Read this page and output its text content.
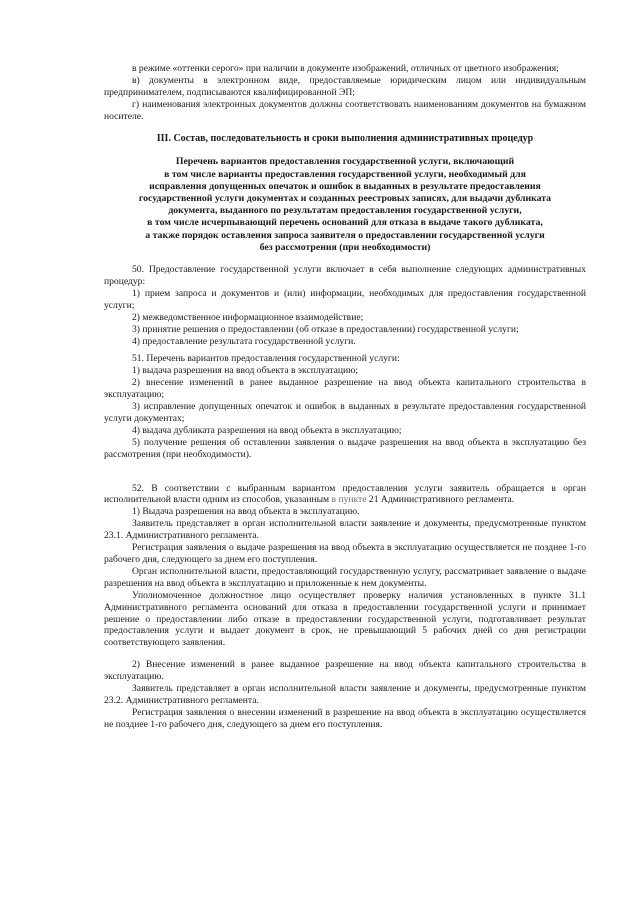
в режиме «оттенки серого» при наличии в документе изображений, отличных от цветного изображения;

в) документы в электронном виде, предоставляемые юридическим лицом или индивидуальным предпринимателем, подписываются квалифицированной ЭП;

г) наименования электронных документов должны соответствовать наименованиям документов на бумажном носителе.

III. Состав, последовательность и сроки выполнения административных процедур
Перечень вариантов предоставления государственной услуги, включающий
в том числе варианты предоставления государственной услуги, необходимый для
исправления допущенных опечаток и ошибок в выданных в результате предоставления
государственной услуги документах и созданных реестровых записях, для выдачи дубликата
документа, выданного по результатам предоставления государственной услуги,
в том числе исчерпывающий перечень оснований для отказа в выдаче такого дубликата,
а также порядок оставления запроса заявителя о предоставлении государственной услуги
без рассмотрения (при необходимости)

50. Предоставление государственной услуги включает в себя выполнение следующих административных процедур:

1) прием запроса и документов и (или) информации, необходимых для предоставления государственной услуги;

2) межведомственное информационное взаимодействие;

3) принятие решения о предоставлении (об отказе в предоставлении) государственной услуги;

4) предоставление результата государственной услуги.

51. Перечень вариантов предоставления государственной услуги:

1) выдача разрешения на ввод объекта в эксплуатацию;

2) внесение изменений в ранее выданное разрешение на ввод объекта капитального строительства в эксплуатацию;

3) исправление допущенных опечаток и ошибок в выданных в результате предоставления государственной услуги документах;

4) выдача дубликата разрешения на ввод объекта в эксплуатацию;

5) получение решения об оставлении заявления о выдаче разрешения на ввод объекта в эксплуатацию без рассмотрения (при необходимости).

52. В соответствии с выбранным вариантом предоставления услуги заявитель обращается в орган исполнительной власти одним из способов, указанным в пункте 21 Административного регламента.

1) Выдача разрешения на ввод объекта в эксплуатацию.

Заявитель представляет в орган исполнительной власти заявление и документы, предусмотренные пунктом 23.1. Административного регламента.

Регистрация заявления о выдаче разрешения на ввод объекта в эксплуатацию осуществляется не позднее 1-го рабочего дня, следующего за днем его поступления.

Орган исполнительной власти, предоставляющий государственную услугу, рассматривает заявление о выдаче разрешения на ввод объекта в эксплуатацию и приложенные к нем документы.

Уполномоченное должностное лицо осуществляет проверку наличия установленных в пункте 31.1 Административного регламента оснований для отказа в предоставлении государственной услуги и принимает решение о предоставлении либо отказе в предоставлении государственной услуги, подготавливает результат предоставления услуги и выдает документ в срок, не превышающий 5 рабочих дней со дня регистрации соответствующего заявления.

2) Внесение изменений в ранее выданное разрешение на ввод объекта капитального строительства в эксплуатацию.

Заявитель представляет в орган исполнительной власти заявление и документы, предусмотренные пунктом 23.2. Административного регламента.

Регистрация заявления о внесении изменений в разрешение на ввод объекта в эксплуатацию осуществляется не позднее 1-го рабочего дня, следующего за днем его поступления.
